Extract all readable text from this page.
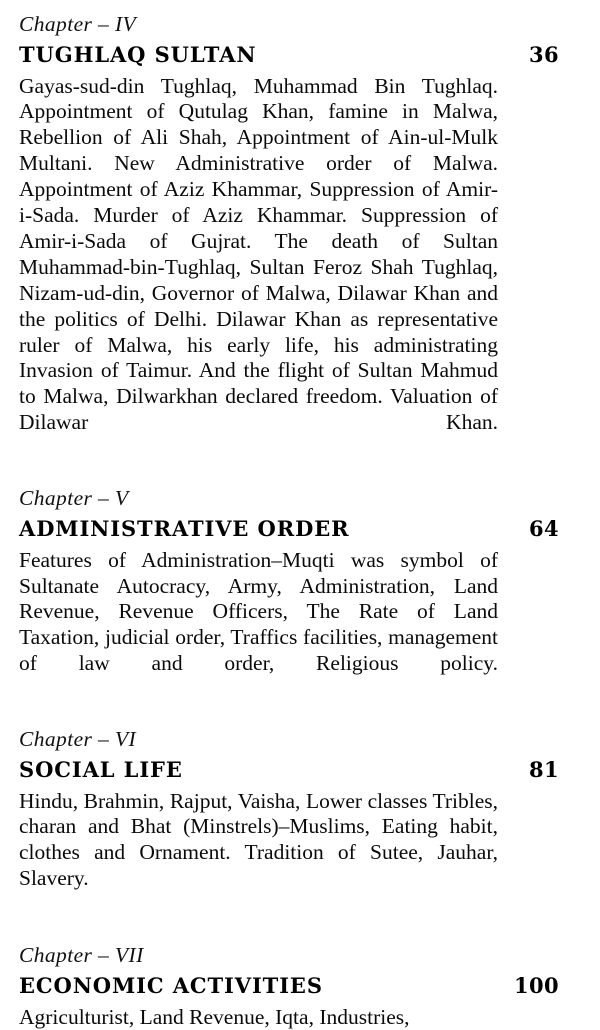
Chapter – IV
TUGHLAQ SULTAN	36

Gayas-sud-din Tughlaq, Muhammad Bin Tughlaq. Appointment of Qutulag Khan, famine in Malwa, Rebellion of Ali Shah, Appointment of Ain-ul-Mulk Multani. New Administrative order of Malwa. Appointment of Aziz Khammar, Suppression of Amir-i-Sada. Murder of Aziz Khammar. Suppression of Amir-i-Sada of Gujrat. The death of Sultan Muhammad-bin-Tughlaq, Sultan Feroz Shah Tughlaq, Nizam-ud-din, Governor of Malwa, Dilawar Khan and the politics of Delhi. Dilawar Khan as representative ruler of Malwa, his early life, his administrating Invasion of Taimur. And the flight of Sultan Mahmud to Malwa, Dilwarkhan declared freedom. Valuation of Dilawar Khan.

Chapter – V
ADMINISTRATIVE ORDER	64

Features of Administration–Muqti was symbol of Sultanate Autocracy, Army, Administration, Land Revenue, Revenue Officers, The Rate of Land Taxation, judicial order, Traffics facilities, management of law and order, Religious policy.

Chapter – VI
SOCIAL LIFE	81

Hindu, Brahmin, Rajput, Vaisha, Lower classes Tribles, charan and Bhat (Minstrels)–Muslims, Eating habit, clothes and Ornament. Tradition of Sutee, Jauhar, Slavery.

Chapter – VII
ECONOMIC ACTIVITIES	100

Agriculturist, Land Revenue, Iqta, Industries,
